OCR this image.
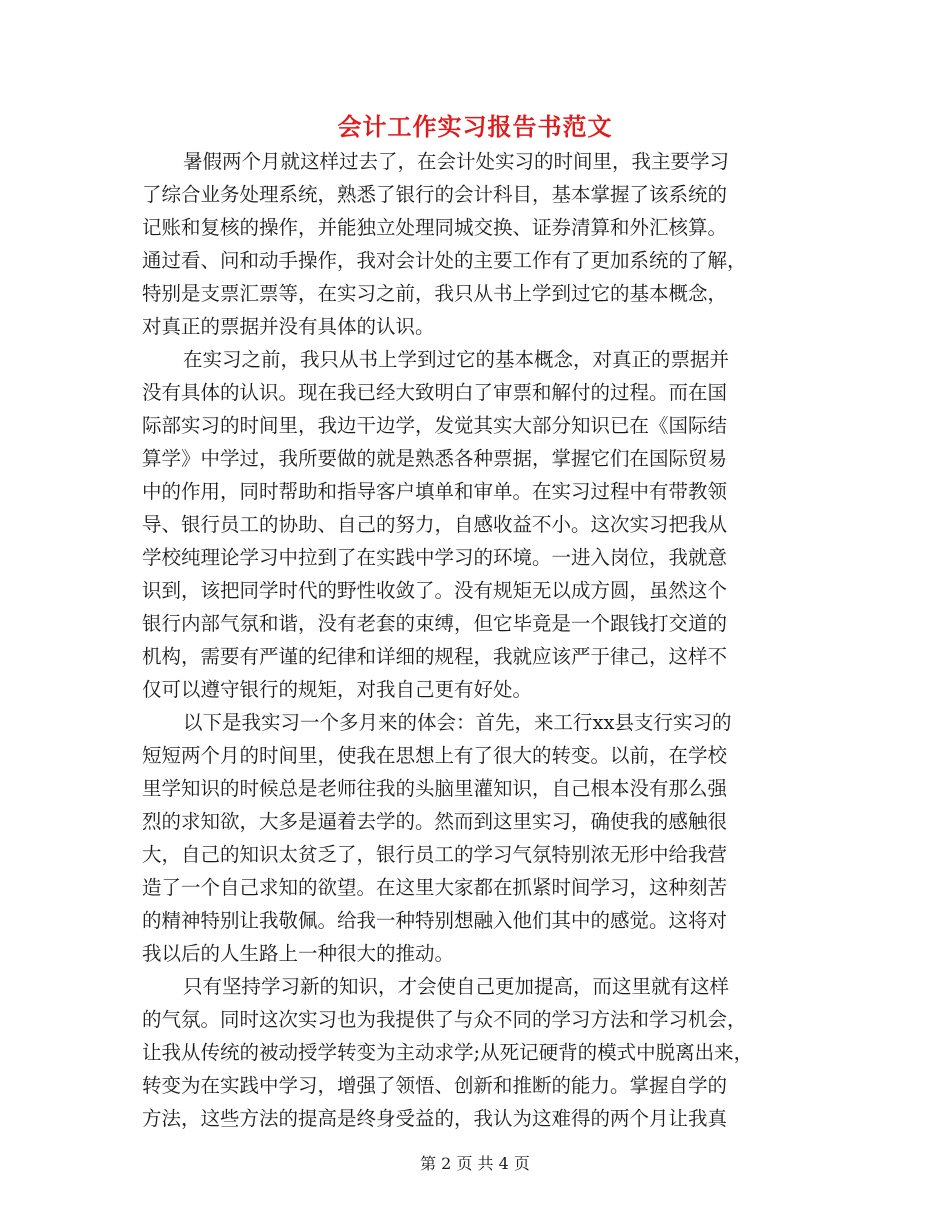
会计工作实习报告书范文
暑假两个月就这样过去了，在会计处实习的时间里，我主要学习
了综合业务处理系统，熟悉了银行的会计科目，基本掌握了该系统的
记账和复核的操作，并能独立处理同城交换、证券清算和外汇核算。
通过看、问和动手操作，我对会计处的主要工作有了更加系统的了解，
特别是支票汇票等，在实习之前，我只从书上学到过它的基本概念，
对真正的票据并没有具体的认识。
在实习之前，我只从书上学到过它的基本概念，对真正的票据并
没有具体的认识。现在我已经大致明白了审票和解付的过程。而在国
际部实习的时间里，我边干边学，发觉其实大部分知识已在《国际结
算学》中学过，我所要做的就是熟悉各种票据，掌握它们在国际贸易
中的作用，同时帮助和指导客户填单和审单。在实习过程中有带教领
导、银行员工的协助、自己的努力，自感收益不小。这次实习把我从
学校纯理论学习中拉到了在实践中学习的环境。一进入岗位，我就意
识到，该把同学时代的野性收敛了。没有规矩无以成方圆，虽然这个
银行内部气氛和谐，没有老套的束缚，但它毕竟是一个跟钱打交道的
机构，需要有严谨的纪律和详细的规程，我就应该严于律己，这样不
仅可以遵守银行的规矩，对我自己更有好处。
以下是我实习一个多月来的体会：首先，来工行xx县支行实习的
短短两个月的时间里，使我在思想上有了很大的转变。以前，在学校
里学知识的时候总是老师往我的头脑里灌知识，自己根本没有那么强
烈的求知欲，大多是逼着去学的。然而到这里实习，确使我的感触很
大，自己的知识太贫乏了，银行员工的学习气氛特别浓无形中给我营
造了一个自己求知的欲望。在这里大家都在抓紧时间学习，这种刻苦
的精神特别让我敬佩。给我一种特别想融入他们其中的感觉。这将对
我以后的人生路上一种很大的推动。
只有坚持学习新的知识，才会使自己更加提高，而这里就有这样
的气氛。同时这次实习也为我提供了与众不同的学习方法和学习机会，
让我从传统的被动授学转变为主动求学;从死记硬背的模式中脱离出来，
转变为在实践中学习，增强了领悟、创新和推断的能力。掌握自学的
方法，这些方法的提高是终身受益的，我认为这难得的两个月让我真
第 2 页 共 4 页
